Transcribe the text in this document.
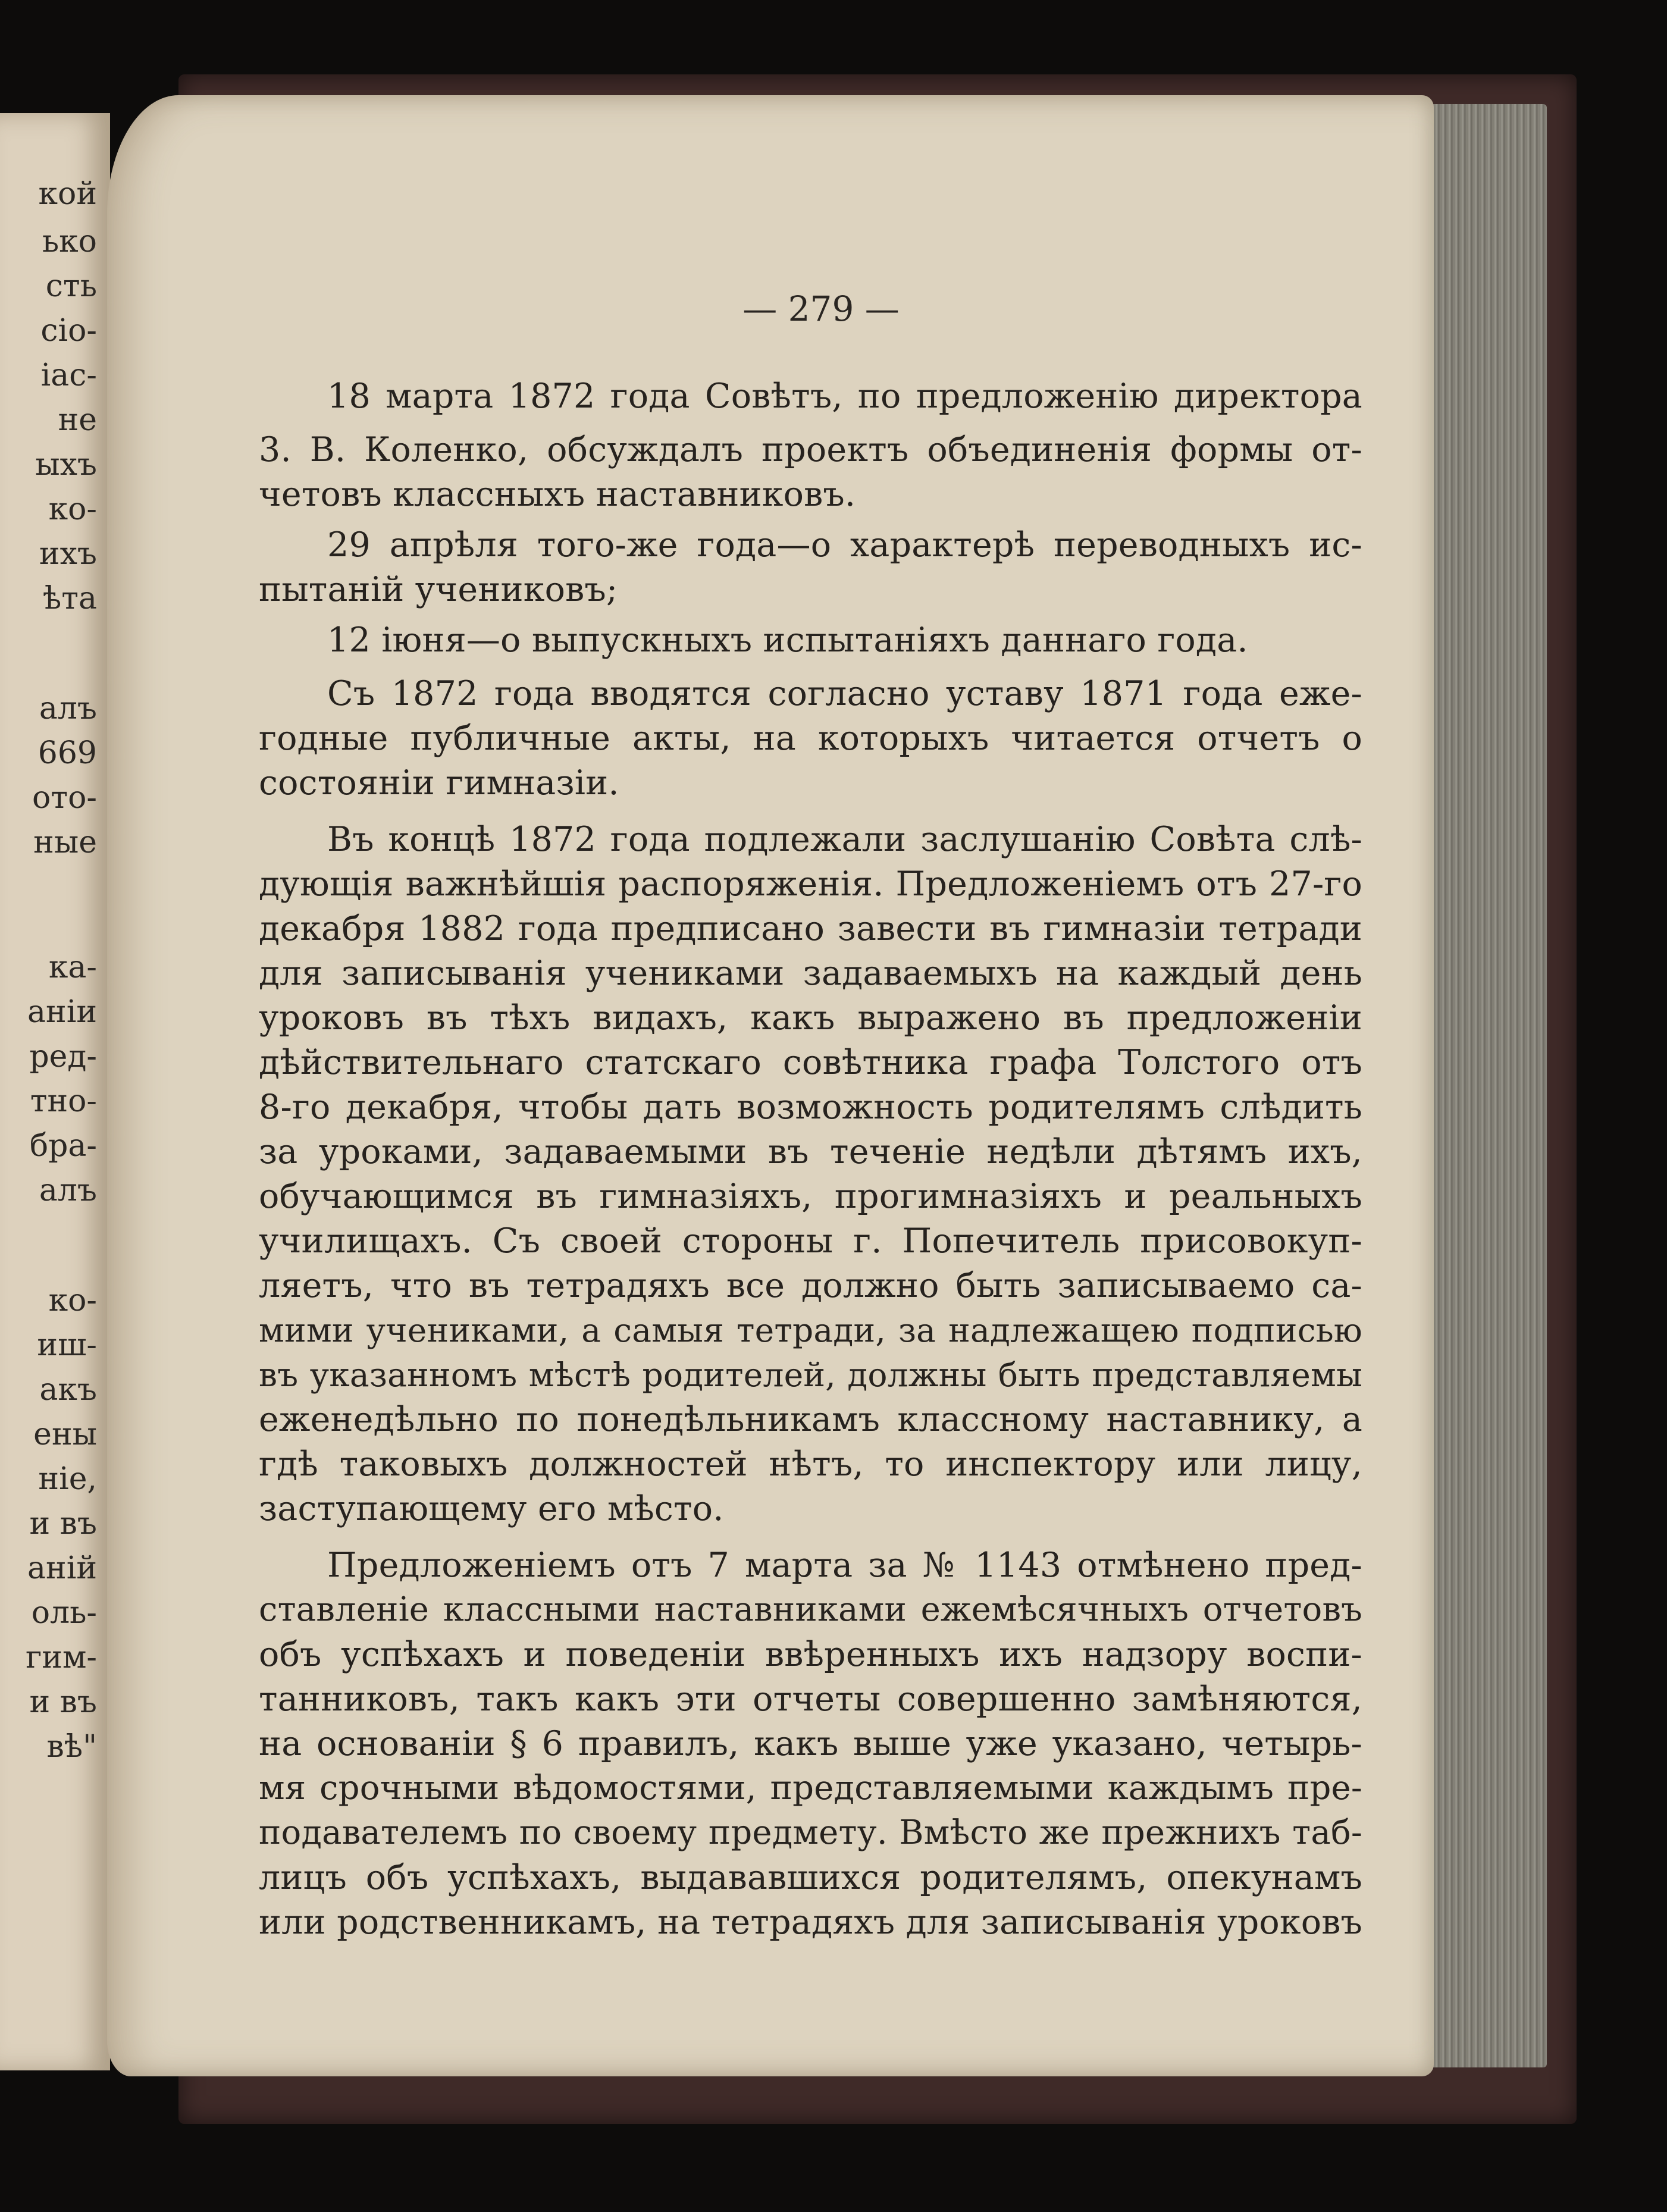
кой
ько
сть
сіо-
іас-
не
ыхъ
ко-
ихъ
ѣта
алъ
669
ото-
ные
ка-
аніи
ред-
тно-
бра-
алъ
ко-
иш-
акъ
ены
ніе,
и въ
аній
оль-
гим-
и въ
вѣ"
— 279 —
18 марта 1872 года Совѣтъ, по предложенію директора
3. В. Коленко, обсуждалъ проектъ объединенія формы от-
четовъ классныхъ наставниковъ.
29 апрѣля того-же года—о характерѣ переводныхъ ис-
пытаній учениковъ;
12 іюня—о выпускныхъ испытаніяхъ даннаго года.
Съ 1872 года вводятся согласно уставу 1871 года еже-
годные публичные акты, на которыхъ читается отчетъ о
состояніи гимназіи.
Въ концѣ 1872 года подлежали заслушанію Совѣта слѣ-
дующія важнѣйшія распоряженія. Предложеніемъ отъ 27-го
декабря 1882 года предписано завести въ гимназіи тетради
для записыванія учениками задаваемыхъ на каждый день
уроковъ въ тѣхъ видахъ, какъ выражено въ предложеніи
дѣйствительнаго статскаго совѣтника графа Толстого отъ
8-го декабря, чтобы дать возможность родителямъ слѣдить
за уроками, задаваемыми въ теченіе недѣли дѣтямъ ихъ,
обучающимся въ гимназіяхъ, прогимназіяхъ и реальныхъ
училищахъ. Съ своей стороны г. Попечитель присовокуп-
ляетъ, что въ тетрадяхъ все должно быть записываемо са-
мими учениками, а самыя тетради, за надлежащею подписью
въ указанномъ мѣстѣ родителей, должны быть представляемы
еженедѣльно по понедѣльникамъ классному наставнику, а
гдѣ таковыхъ должностей нѣтъ, то инспектору или лицу,
заступающему его мѣсто.
Предложеніемъ отъ 7 марта за № 1143 отмѣнено пред-
ставленіе классными наставниками ежемѣсячныхъ отчетовъ
объ успѣхахъ и поведеніи ввѣренныхъ ихъ надзору воспи-
танниковъ, такъ какъ эти отчеты совершенно замѣняются,
на основаніи § 6 правилъ, какъ выше уже указано, четырь-
мя срочными вѣдомостями, представляемыми каждымъ пре-
подавателемъ по своему предмету. Вмѣсто же прежнихъ таб-
лицъ объ успѣхахъ, выдававшихся родителямъ, опекунамъ
или родственникамъ, на тетрадяхъ для записыванія уроковъ
